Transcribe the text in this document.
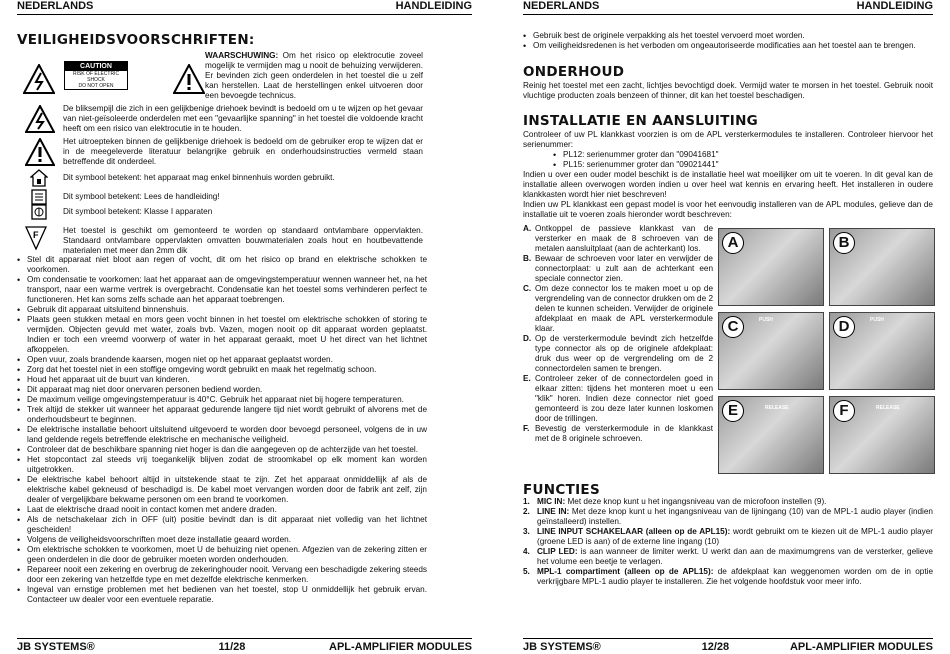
NEDERLANDS	HANDLEIDING
VEILIGHEIDSVOORSCHRIFTEN:
CAUTION
RISK OF ELECTRIC SHOCK
DO NOT OPEN
WAARSCHUWING: Om het risico op elektrocutie zoveel mogelijk te vermijden mag u nooit de behuizing verwijderen. Er bevinden zich geen onderdelen in het toestel die u zelf kan herstellen. Laat de herstellingen enkel uitvoeren door een bevoegde technicus.
De bliksempijl die zich in een gelijkbenige driehoek bevindt is bedoeld om u te wijzen op het gevaar van niet-geïsoleerde onderdelen met een "gevaarlijke spanning" in het toestel die voldoende kracht heeft om een risico van elektrocutie in te houden.
Het uitroepteken binnen de gelijkbenige driehoek is bedoeld om de gebruiker erop te wijzen dat er in de meegeleverde literatuur belangrijke gebruik en onderhoudsinstructies vermeld staan betreffende dit onderdeel.
Dit symbool betekent: het apparaat mag enkel binnenhuis worden gebruikt.
Dit symbool betekent: Lees de handleiding!
Dit symbool betekent: Klasse I apparaten
F	Het toestel is geschikt om gemonteerd te worden op standaard ontvlambare oppervlakten. Standaard ontvlambare oppervlakten omvatten bouwmaterialen zoals hout en houtbevattende materialen met meer dan 2mm dik
• Stel dit apparaat niet bloot aan regen of vocht, dit om het risico op brand en elektrische schokken te voorkomen.
• Om condensatie te voorkomen: laat het apparaat aan de omgevingstemperatuur wennen wanneer het, na het transport, naar een warme vertrek is overgebracht. Condensatie kan het toestel soms verhinderen perfect te functioneren. Het kan soms zelfs schade aan het apparaat toebrengen.
• Gebruik dit apparaat uitsluitend binnenshuis.
• Plaats geen stukken metaal en mors geen vocht binnen in het toestel om elektrische schokken of storing te vermijden. Objecten gevuld met water, zoals bvb. Vazen, mogen nooit op dit apparaat worden geplaatst. Indien er toch een vreemd voorwerp of water in het apparaat geraakt, moet U het direct van het lichtnet afkoppelen.
• Open vuur, zoals brandende kaarsen, mogen niet op het apparaat geplaatst worden.
• Zorg dat het toestel niet in een stoffige omgeving wordt gebruikt en maak het regelmatig schoon.
• Houd het apparaat uit de buurt van kinderen.
• Dit apparaat mag niet door onervaren personen bediend worden.
• De maximum veilige omgevingstemperatuur is 40°C. Gebruik het apparaat niet bij hogere temperaturen.
• Trek altijd de stekker uit wanneer het apparaat gedurende langere tijd niet wordt gebruikt of alvorens met de onderhoudsbeurt te beginnen.
• De elektrische installatie behoort uitsluitend uitgevoerd te worden door bevoegd personeel, volgens de in uw land geldende regels betreffende elektrische en mechanische veiligheid.
• Controleer dat de beschikbare spanning niet hoger is dan die aangegeven op de achterzijde van het toestel.
• Het stopcontact zal steeds vrij toegankelijk blijven zodat de stroomkabel op elk moment kan worden uitgetrokken.
• De elektrische kabel behoort altijd in uitstekende staat te zijn. Zet het apparaat onmiddellijk af als de elektrische kabel gekneusd of beschadigd is. De kabel moet vervangen worden door de fabrik ant zelf, zijn dealer of vergelijkbare bekwame personen om een brand te voorkomen.
• Laat de elektrische draad nooit in contact komen met andere draden.
• Als de netschakelaar zich in OFF (uit) positie bevindt dan is dit apparaat niet volledig van het lichtnet gescheiden!
• Volgens de veiligheidsvoorschriften moet deze installatie geaard worden.
• Om elektrische schokken te voorkomen, moet U de behuizing niet openen. Afgezien van de zekering zitten er geen onderdelen in die door de gebruiker moeten worden onderhouden.
• Repareer nooit een zekering en overbrug de zekeringhouder nooit. Vervang een beschadigde zekering steeds door een zekering van hetzelfde type en met dezelfde elektrische kenmerken.
• Ingeval van ernstige problemen met het bedienen van het toestel, stop U onmiddellijk het gebruik ervan. Contacteer uw dealer voor een eventuele reparatie.
JB SYSTEMS®	11/28	APL-AMPLIFIER MODULES
NEDERLANDS	HANDLEIDING
• Gebruik best de originele verpakking als het toestel vervoerd moet worden.
• Om veiligheidsredenen is het verboden om ongeautoriseerde modificaties aan het toestel aan te brengen.
ONDERHOUD
Reinig het toestel met een zacht, lichtjes bevochtigd doek. Vermijd water te morsen in het toestel. Gebruik nooit vluchtige producten zoals benzeen of thinner, dit kan het toestel beschadigen.
INSTALLATIE EN AANSLUITING
Controleer of uw PL klankkast voorzien is om de APL versterkermodules te installeren. Controleer hiervoor het serienummer:
• PL12: serienummer groter dan "09041681"
• PL15: serienummer groter dan "09021441"
Indien u over een ouder model beschikt is de installatie heel wat moeilijker om uit te voeren. In dit geval kan de installatie alleen overwogen worden indien u over heel wat kennis en ervaring heeft. Het installeren in oudere klankkasten wordt hier niet beschreven!
Indien uw PL klankkast een gepast model is voor het eenvoudig installeren van de APL modules, gelieve dan de installatie uit te voeren zoals hieronder wordt beschreven:
A. Ontkoppel de passieve klankkast van de versterker en maak de 8 schroeven van de metalen aansluitplaat (aan de achterkant) los.
B. Bewaar de schroeven voor later en verwijder de connectorplaat: u zult aan de achterkant een speciale connector zien.
C. Om deze connector los te maken moet u op de vergrendeling van de connector drukken om de 2 delen te kunnen scheiden. Verwijder de originele afdekplaat en maak de APL versterkermodule klaar.
D. Op de versterkermodule bevindt zich hetzelfde type connector als op de originele afdekplaat: druk dus weer op de vergrendeling om de 2 connectordelen samen te brengen.
E. Controleer zeker of de connectordelen goed in elkaar zitten: tijdens het monteren moet u een "klik" horen. Indien deze connector niet goed gemonteerd is zou deze later kunnen loskomen door de trillingen.
F. Bevestig de versterkermodule in de klankkast met de 8 originele schroeven.
A	B
C	PUSH	D	PUSH
E	RELEASE	F	RELEASE
FUNCTIES
1. MIC IN: Met deze knop kunt u het ingangsniveau van de microfoon instellen (9).
2. LINE IN: Met deze knop kunt u het ingangsniveau van de lijningang (10) van de MPL-1 audio player (indien geïnstalleerd) instellen.
3. LINE INPUT SCHAKELAAR (alleen op de APL15): wordt gebruikt om te kiezen uit de MPL-1 audio player (groene LED is aan) of de externe line ingang (10)
4. CLIP LED: is aan wanneer de limiter werkt. U werkt dan aan de maximumgrens van de versterker, gelieve het volume een beetje te verlagen.
5. MPL-1 compartiment (alleen op de APL15): de afdekplaat kan weggenomen worden om de in optie verkrijgbare MPL-1 audio player te installeren. Zie het volgende hoofdstuk voor meer info.
JB SYSTEMS®	12/28	APL-AMPLIFIER MODULES
